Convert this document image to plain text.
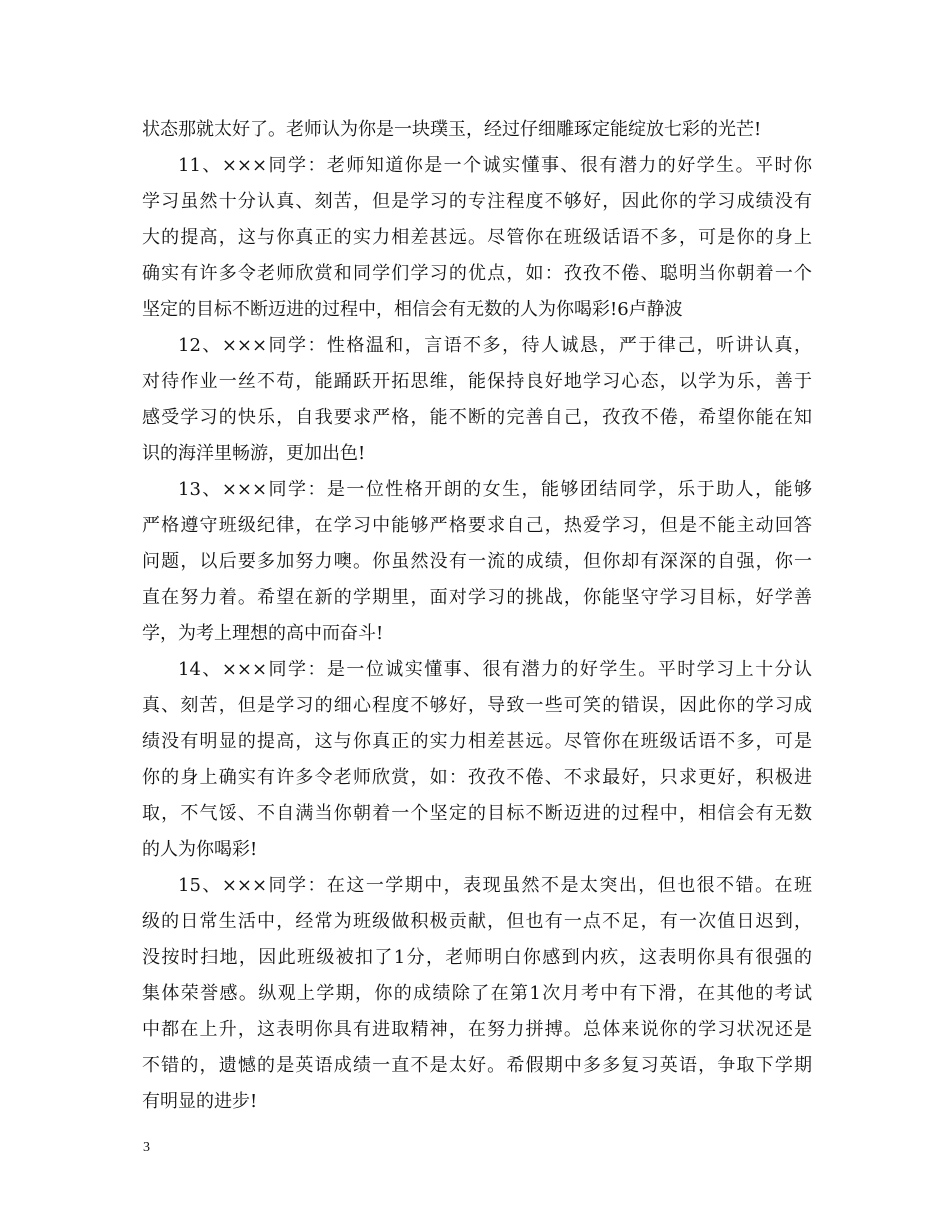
状态那就太好了。老师认为你是一块璞玉，经过仔细雕琢定能绽放七彩的光芒!
11、×××同学：老师知道你是一个诚实懂事、很有潜力的好学生。平时你
学习虽然十分认真、刻苦，但是学习的专注程度不够好，因此你的学习成绩没有
大的提高，这与你真正的实力相差甚远。尽管你在班级话语不多，可是你的身上
确实有许多令老师欣赏和同学们学习的优点，如：孜孜不倦、聪明当你朝着一个
坚定的目标不断迈进的过程中，相信会有无数的人为你喝彩!6卢静波
12、×××同学：性格温和，言语不多，待人诚恳，严于律己，听讲认真，
对待作业一丝不苟，能踊跃开拓思维，能保持良好地学习心态，以学为乐，善于
感受学习的快乐，自我要求严格，能不断的完善自己，孜孜不倦，希望你能在知
识的海洋里畅游，更加出色!
13、×××同学：是一位性格开朗的女生，能够团结同学，乐于助人，能够
严格遵守班级纪律，在学习中能够严格要求自己，热爱学习，但是不能主动回答
问题，以后要多加努力噢。你虽然没有一流的成绩，但你却有深深的自强，你一
直在努力着。希望在新的学期里，面对学习的挑战，你能坚守学习目标，好学善
学，为考上理想的高中而奋斗!
14、×××同学：是一位诚实懂事、很有潜力的好学生。平时学习上十分认
真、刻苦，但是学习的细心程度不够好，导致一些可笑的错误，因此你的学习成
绩没有明显的提高，这与你真正的实力相差甚远。尽管你在班级话语不多，可是
你的身上确实有许多令老师欣赏，如：孜孜不倦、不求最好，只求更好，积极进
取，不气馁、不自满当你朝着一个坚定的目标不断迈进的过程中，相信会有无数
的人为你喝彩!
15、×××同学：在这一学期中，表现虽然不是太突出，但也很不错。在班
级的日常生活中，经常为班级做积极贡献，但也有一点不足，有一次值日迟到，
没按时扫地，因此班级被扣了1分，老师明白你感到内疚，这表明你具有很强的
集体荣誉感。纵观上学期，你的成绩除了在第1次月考中有下滑，在其他的考试
中都在上升，这表明你具有进取精神，在努力拼搏。总体来说你的学习状况还是
不错的，遗憾的是英语成绩一直不是太好。希假期中多多复习英语，争取下学期
有明显的进步!
3
